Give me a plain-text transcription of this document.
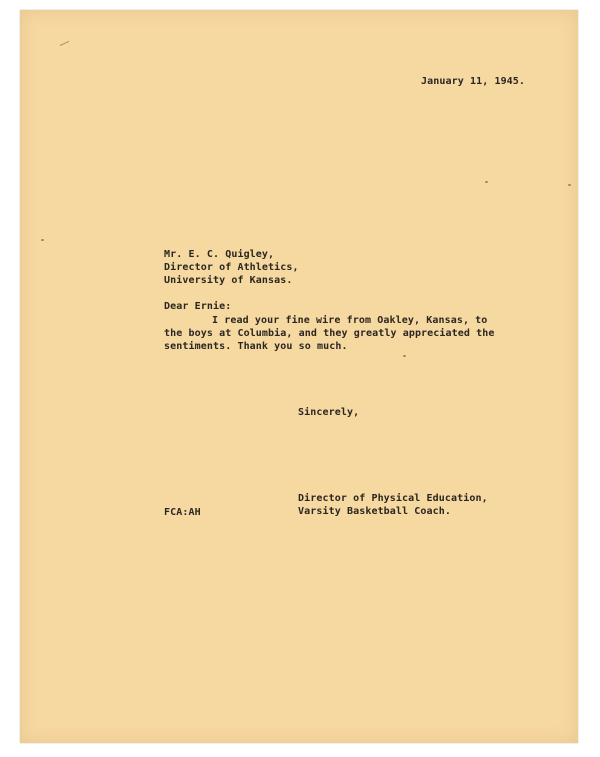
January 11, 1945.
Mr. E. C. Quigley,
Director of Athletics,
University of Kansas.
Dear Ernie:
I read your fine wire from Oakley, Kansas, to
the boys at Columbia, and they greatly appreciated the
sentiments. Thank you so much.
Sincerely,
Director of Physical Education,
Varsity Basketball Coach.
FCA:AH
